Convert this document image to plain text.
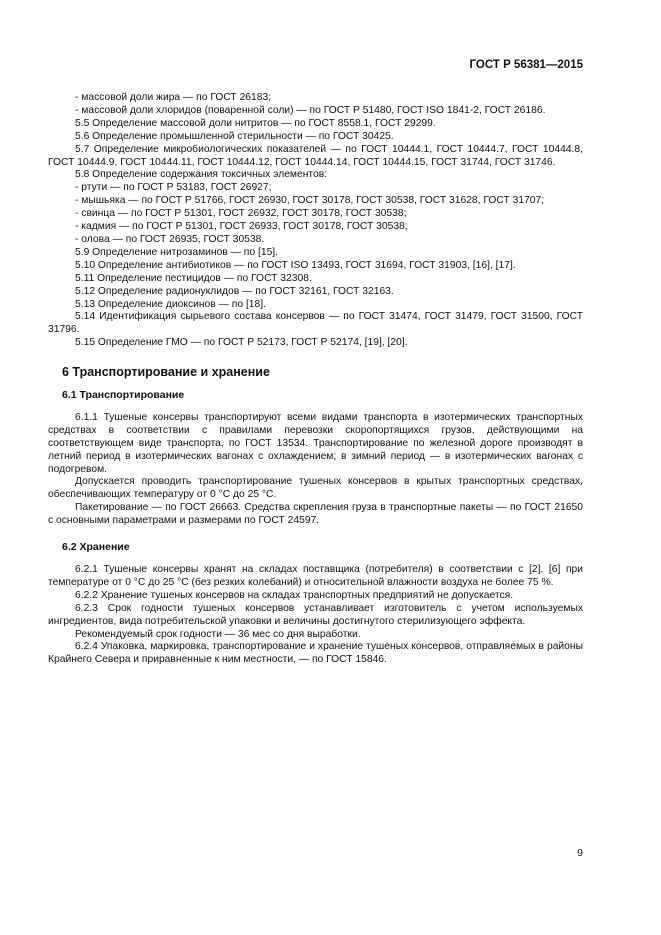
ГОСТ Р 56381—2015

- массовой доли жира — по ГОСТ 26183;

- массовой доли хлоридов (поваренной соли) — по ГОСТ Р 51480, ГОСТ ISO 1841-2, ГОСТ 26186.

5.5 Определение массовой доли нитритов — по ГОСТ 8558.1, ГОСТ 29299.

5.6 Определение промышленной стерильности — по ГОСТ 30425.

5.7 Определение микробиологических показателей — по ГОСТ 10444.1, ГОСТ 10444.7, ГОСТ 10444.8, ГОСТ 10444.9, ГОСТ 10444.11, ГОСТ 10444.12, ГОСТ 10444.14, ГОСТ 10444.15, ГОСТ 31744, ГОСТ 31746.

5.8 Определение содержания токсичных элементов:

- ртути — по ГОСТ Р 53183, ГОСТ 26927;

- мышьяка — по ГОСТ Р 51766, ГОСТ 26930, ГОСТ 30178, ГОСТ 30538, ГОСТ 31628, ГОСТ 31707;

- свинца — по ГОСТ Р 51301, ГОСТ 26932, ГОСТ 30178, ГОСТ 30538;

- кадмия — по ГОСТ Р 51301, ГОСТ 26933, ГОСТ 30178, ГОСТ 30538;

- олова — по ГОСТ 26935, ГОСТ 30538.

5.9 Определение нитрозаминов — по [15].

5.10 Определение антибиотиков — по ГОСТ ISO 13493, ГОСТ 31694, ГОСТ 31903, [16], [17].

5.11 Определение пестицидов — по ГОСТ 32308.

5.12 Определение радионуклидов — по ГОСТ 32161, ГОСТ 32163.

5.13 Определение диоксинов — по [18].

5.14 Идентификация сырьевого состава консервов — по ГОСТ 31474, ГОСТ 31479, ГОСТ 31500, ГОСТ 31796.

5.15 Определение ГМО — по ГОСТ Р 52173, ГОСТ Р 52174, [19], [20].

6 Транспортирование и хранение
6.1 Транспортирование

6.1.1 Тушеные консервы транспортируют всеми видами транспорта в изотермических транспортных средствах в соответствии с правилами перевозки скоропортящихся грузов, действующими на соответствующем виде транспорта, по ГОСТ 13534. Транспортирование по железной дороге производят в летний период в изотермических вагонах с охлаждением; в зимний период — в изотермических вагонах с подогревом.

Допускается проводить транспортирование тушеных консервов в крытых транспортных средствах, обеспечивающих температуру от 0 °С до 25 °С.

Пакетирование — по ГОСТ 26663. Средства скрепления груза в транспортные пакеты — по ГОСТ 21650 с основными параметрами и размерами по ГОСТ 24597.

6.2 Хранение

6.2.1 Тушеные консервы хранят на складах поставщика (потребителя) в соответствии с [2], [6] при температуре от 0 °С до 25 °С (без резких колебаний) и относительной влажности воздуха не более 75 %.

6.2.2 Хранение тушеных консервов на складах транспортных предприятий не допускается.

6.2.3 Срок годности тушеных консервов устанавливает изготовитель с учетом используемых ингредиентов, вида потребительской упаковки и величины достигнутого стерилизующего эффекта.

Рекомендуемый срок годности — 36 мес со дня выработки.

6.2.4 Упаковка, маркировка, транспортирование и хранение тушеных консервов, отправляемых в районы Крайнего Севера и приравненные к ним местности, — по ГОСТ 15846.

9
